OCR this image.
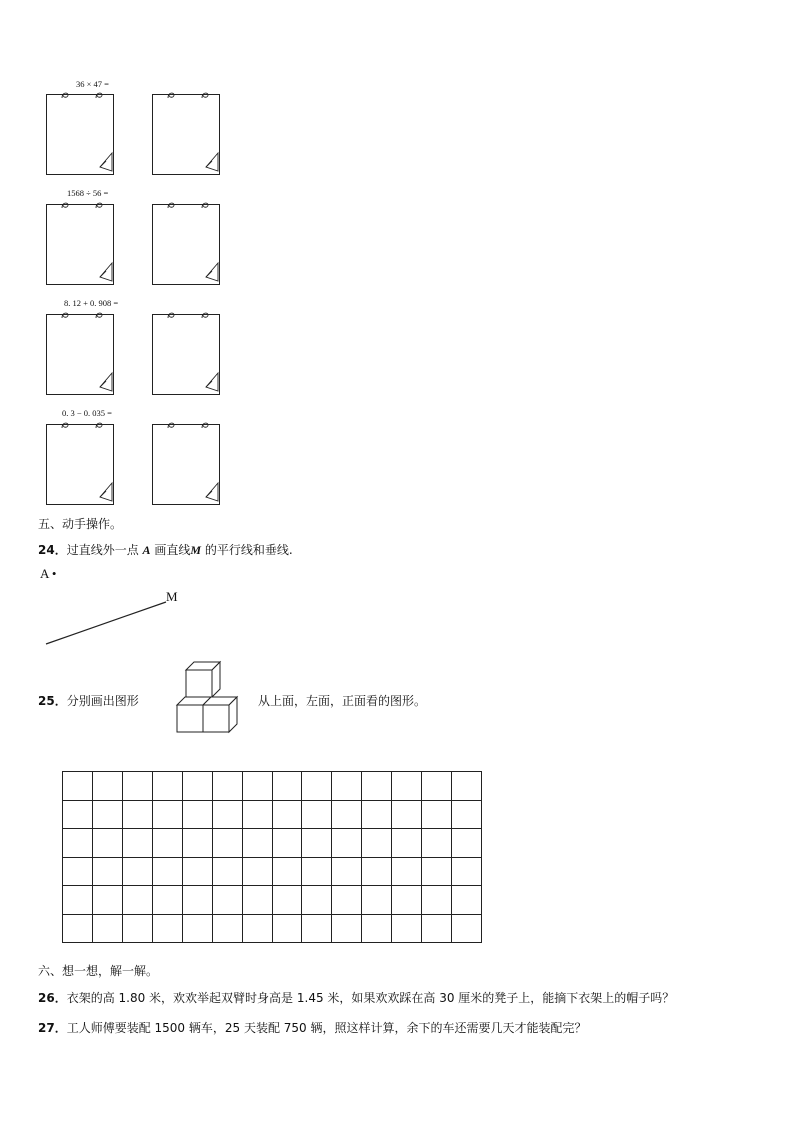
36 × 47 =
1568 ÷ 56 =
8. 12 + 0. 908 =
0. 3 − 0. 035 =
五、动手操作。
24．过直线外一点 A 画直线M 的平行线和垂线.
A •
M
25．分别画出图形	从上面，左面，正面看的图形。
六、想一想，解一解。
26．衣架的高 1.80 米，欢欢举起双臂时身高是 1.45 米，如果欢欢踩在高 30 厘米的凳子上，能摘下衣架上的帽子吗？
27．工人师傅要装配 1500 辆车，25 天装配 750 辆，照这样计算，余下的车还需要几天才能装配完？
